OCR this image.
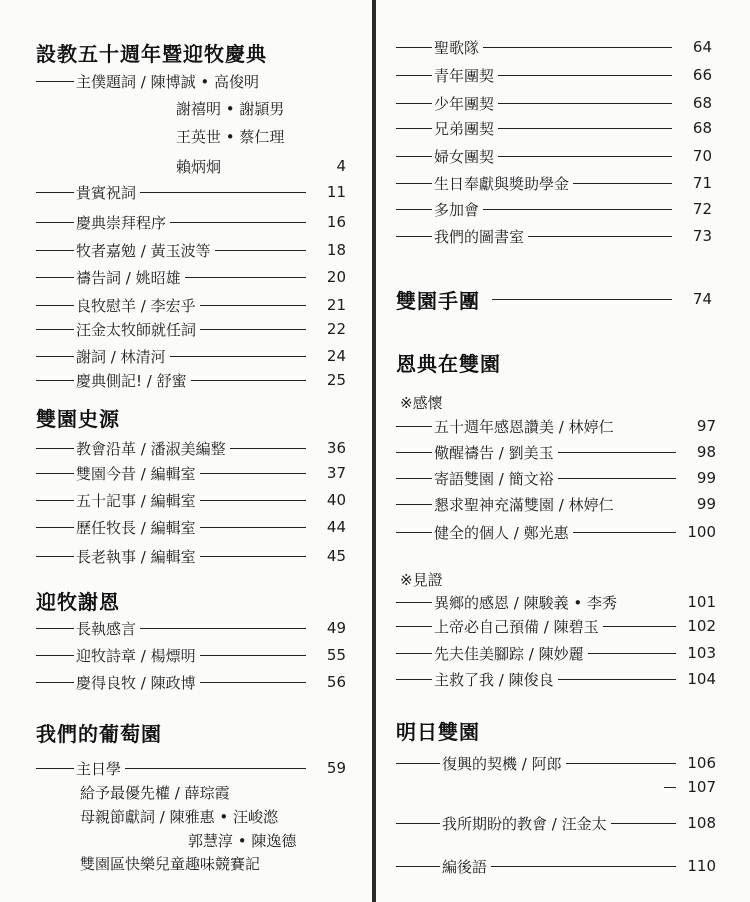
設教五十週年暨迎牧慶典
主僕題詞 / 陳博誠 • 高俊明
謝禧明 • 謝頴男
王英世 • 蔡仁理
賴炳炯	4
貴賓祝詞	11
慶典崇拜程序	16
牧者嘉勉 / 黃玉波等	18
禱告詞 / 姚昭雄	20
良牧慰羊 / 李宏乎	21
汪金太牧師就任詞	22
謝詞 / 林清河	24
慶典側記! / 舒蜜	25
雙園史源
教會沿革 / 潘淑美編整	36
雙園今昔 / 編輯室	37
五十記事 / 編輯室	40
歷任牧長 / 編輯室	44
長老執事 / 編輯室	45
迎牧謝恩
長執感言	49
迎牧詩章 / 楊熛明	55
慶得良牧 / 陳政博	56
我們的葡萄園
主日學	59
給予最優先權 / 薛琮霞
母親節獻詞 / 陳雅惠 • 汪峻滺
郭慧淳 • 陳逸德
雙園區快樂兒童趣味競賽記
聖歌隊	64
青年團契	66
少年團契	68
兄弟團契	68
婦女團契	70
生日奉獻與獎助學金	71
多加會	72
我們的圖書室	73
雙園手團	74
恩典在雙園
※感懷
五十週年感恩讚美 / 林婷仁	97
儆醒禱告 / 劉美玉	98
寄語雙園 / 簡文裕	99
懇求聖神充滿雙園 / 林婷仁	99
健全的個人 / 鄭光惠	100
※見證
異鄉的感恩 / 陳駿義 • 李秀	101
上帝必自己預備 / 陳碧玉	102
先夫佳美腳踪 / 陳妙麗	103
主救了我 / 陳俊良	104
明日雙園
復興的契機 / 阿郎	106
107
我所期盼的教會 / 汪金太	108
編後語	110
